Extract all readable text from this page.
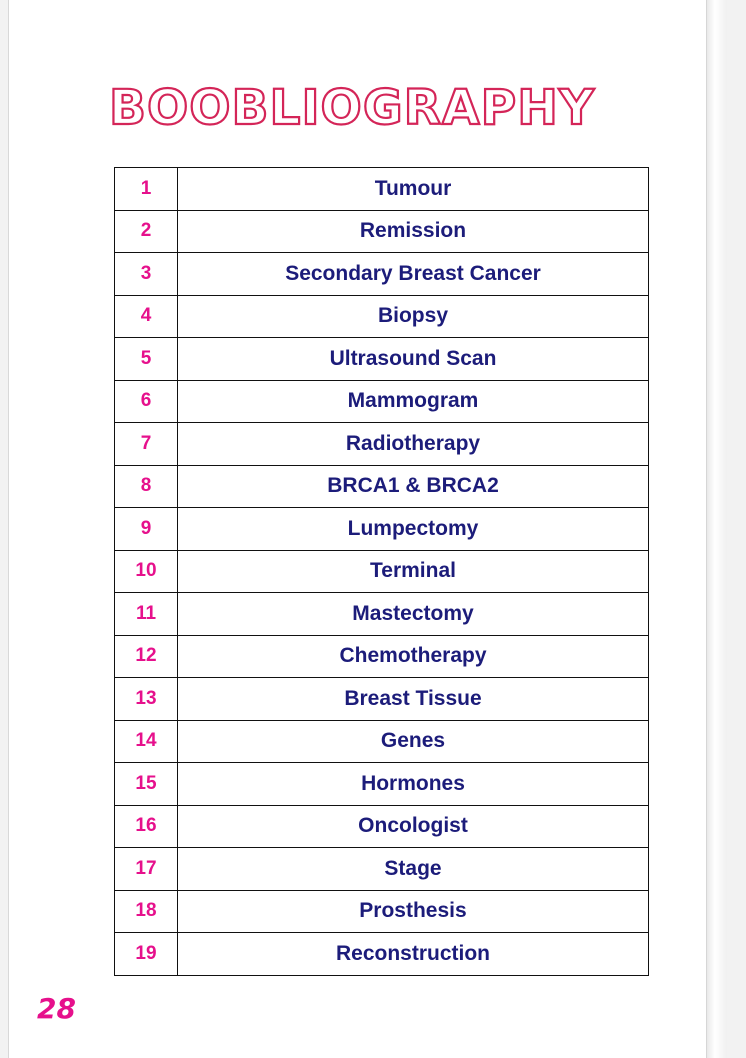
BOOBLIOGRAPHY
1	Tumour
2	Remission
3	Secondary Breast Cancer
4	Biopsy
5	Ultrasound Scan
6	Mammogram
7	Radiotherapy
8	BRCA1 & BRCA2
9	Lumpectomy
10	Terminal
11	Mastectomy
12	Chemotherapy
13	Breast Tissue
14	Genes
15	Hormones
16	Oncologist
17	Stage
18	Prosthesis
19	Reconstruction
28
